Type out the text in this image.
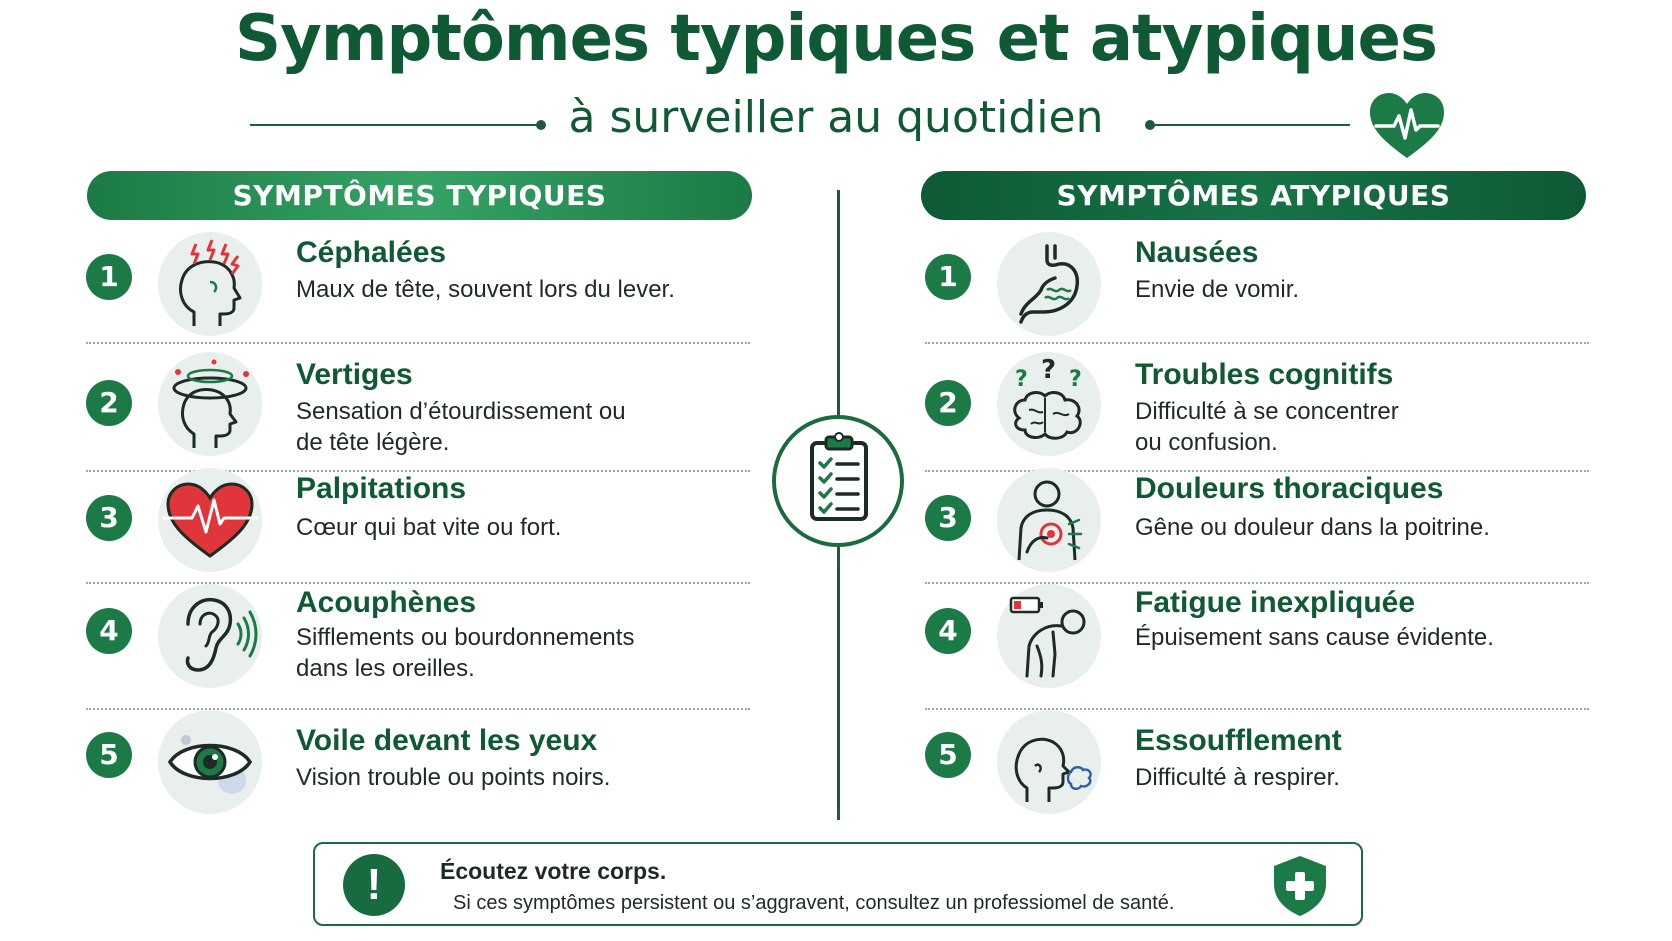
Symptômes typiques et atypiques
à surveiller au quotidien
SYMPTÔMES TYPIQUES	SYMPTÔMES ATYPIQUES
1
Céphalées
Maux de tête, souvent lors du lever.
2
Vertiges
Sensation d’étourdissement ou
de tête légère.
3
Palpitations
Cœur qui bat vite ou fort.
4
Acouphènes
Sifflements ou bourdonnements
dans les oreilles.
5	Voile devant les yeux
Vision trouble ou points noirs.
1
Nausées
Envie de vomir.
2
? ? ? Troubles cognitifs
Difficulté à se concentrer
ou confusion.
3
Douleurs thoraciques
Gêne ou douleur dans la poitrine.
4
Fatigue inexpliquée
Épuisement sans cause évidente.
5	Essoufflement
Difficulté à respirer.
!	Écoutez votre corps.
Si ces symptômes persistent ou s’aggravent, consultez un professiomel de santé.
